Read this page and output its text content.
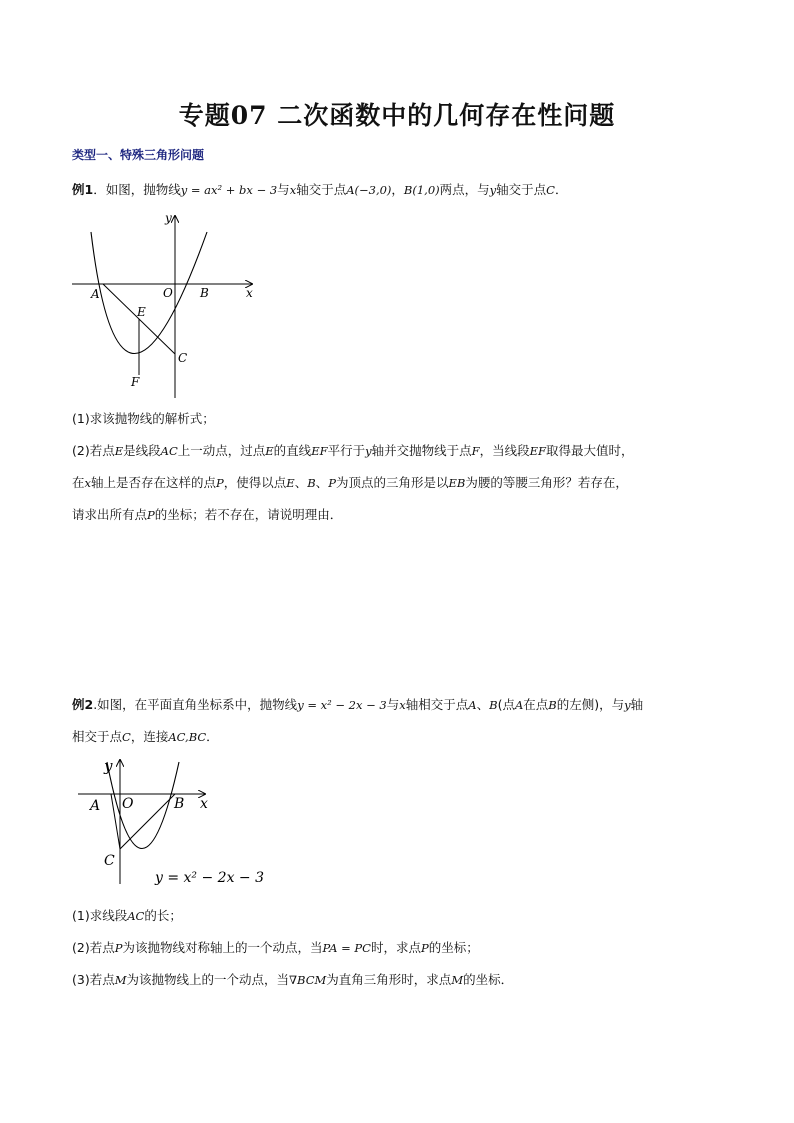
专题07 二次函数中的几何存在性问题
类型一、特殊三角形问题
例1．如图，抛物线y = ax² + bx − 3与x轴交于点A(−3,0)，B(1,0)两点，与y轴交于点C．
y
x
A	O B
E
C
F
(1)求该抛物线的解析式；
(2)若点E是线段AC上一动点，过点E的直线EF平行于y轴并交抛物线于点F，当线段EF取得最大值时，
在x轴上是否存在这样的点P，使得以点E、B、P为顶点的三角形是以EB为腰的等腰三角形？若存在，
请求出所有点P的坐标；若不存在，请说明理由．
例2.如图，在平面直角坐标系中，抛物线y = x² − 2x − 3与x轴相交于点A、B(点A在点B的左侧)，与y轴
相交于点C，连接AC,BC．
y
x
A O	B
C
y = x² − 2x − 3
(1)求线段AC的长；
(2)若点P为该抛物线对称轴上的一个动点，当PA = PC时，求点P的坐标；
(3)若点M为该抛物线上的一个动点，当∇BCM为直角三角形时，求点M的坐标．
